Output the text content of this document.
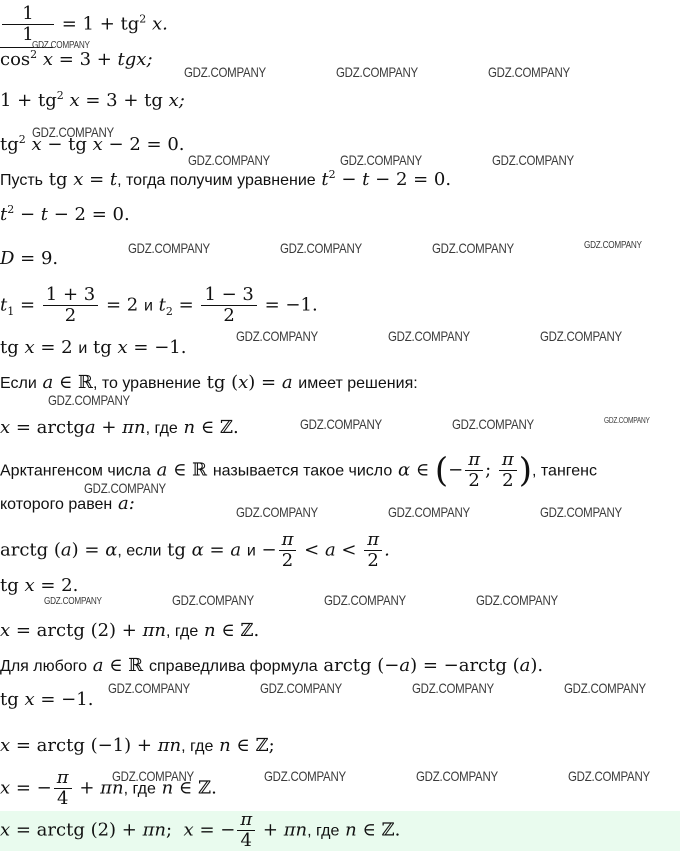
$\frac{1}{1} = 1 + tg^2$ x.
$\cos^2 x = 3$ + tgx;
$1 + tg^2$ x = 3 + tg x;
$tg^2$ x − tg x − 2 = 0.
Пусть tg x = t, тогда получим уравнение $t^2 - t - 2 = 0$.
$t^2 - t - 2 = 0$.
D = 9.
$t_1 = \frac{1 + 3}{2} = 2$ и $t_2 = \frac{1 - 3}{2} = -1$.
tg x = 2 и tg x = −1.
Если a ∈ ℝ, то уравнение tg (x) = a имеет решения:
x = arctga + πn, где n ∈ ℤ.
Арктангенсом числа a ∈ ℝ называется такое число α ∈ (− $\frac{\pi}{2}$ ; $\frac{\pi}{2}$ ), тангенс
которого равен a:
arctg (a) = α, если tg α = a $и - \frac{\pi}{2} < a < \frac{\pi}{2}$ .
tg x = 2.
x = arctg (2) + πn, где n ∈ ℤ.
Для любого a ∈ ℝ справедлива формула arctg (−a) = −arctg (a).
tg x = −1.
x = arctg (−1) + πn, где n ∈ ℤ;
x = − $\frac{\pi}{4} + \pi n$, где n ∈ ℤ.
x = arctg (2) + πn;  x = − $\frac{\pi}{4} + \pi n$, где n ∈ ℤ.
GDZ.COMPANY
GDZ.COMPANY	GDZ.COMPANY	GDZ.COMPANY
GDZ.COMPANY
GDZ.COMPANY	GDZ.COMPANY	GDZ.COMPANY
GDZ.COMPANY	GDZ.COMPANY	GDZ.COMPANY	GDZ.COMPANY
GDZ.COMPANY	GDZ.COMPANY	GDZ.COMPANY
GDZ.COMPANY
GDZ.COMPANY	GDZ.COMPANY	GDZ.COMPANY
GDZ.COMPANY
GDZ.COMPANY	GDZ.COMPANY	GDZ.COMPANY
GDZ.COMPANY	GDZ.COMPANY	GDZ.COMPANY	GDZ.COMPANY
GDZ.COMPANY	GDZ.COMPANY	GDZ.COMPANY	GDZ.COMPANY
GDZ.COMPANY	GDZ.COMPANY	GDZ.COMPANY	GDZ.COMPANY
